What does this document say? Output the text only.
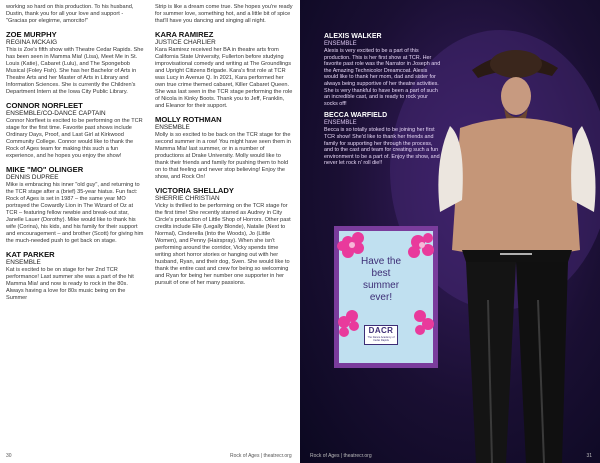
working so hard on this production. To his husband, Dustin, thank you for all your love and support - "Gracias por elegirme, amorcito!"

ZOE MURPHY
REGINA MCKAIG

This is Zoe's fifth show with Theatre Cedar Rapids. She has been seen in Mamma Mia! (Lisa), Meet Me in St. Louis (Katie), Cabaret (Lulu), and The Spongebob Musical (Foley Fish). She has her Bachelor of Arts in Theatre Arts and her Master of Arts in Library and Information Sciences. She is currently the Children's Department Intern at the Iowa City Public Library.

CONNOR NORFLEET
ENSEMBLE/CO-DANCE CAPTAIN

Connor Norfleet is excited to be performing on the TCR stage for the first time. Favorite past shows include Ordinary Days, Proof, and Last Girl at Kirkwood Community College. Connor would like to thank the Rock of Ages team for making this such a fun experience, and he hopes you enjoy the show!

MIKE "MO" OLINGER
DENNIS DUPREE

Mike is embracing his inner "old guy", and returning to the TCR stage after a (brief) 35-year hiatus. Fun fact: Rock of Ages is set in 1987 – the same year MO portrayed the Cowardly Lion in The Wizard of Oz at TCR – featuring fellow newbie and break-out star, Janelle Lauer (Dorothy). Mike would like to thank his wife (Corina), his kids, and his family for their support and encouragement – and brother (Scott) for giving him the much-needed push to get back on stage.

KAT PARKER
ENSEMBLE

Kat is excited to be on stage for her 2nd TCR performance! Last summer she was a part of the hit Mamma Mia! and now is ready to rock in the 80s. Always having a love for 80s music being on the Summer

Strip is like a dream come true. She hopes you're ready for summer love, something hot, and a little bit of spice that'll have you dancing and singing all night.

KARA RAMIREZ
JUSTICE CHARLIER

Kara Ramirez received her BA in theatre arts from California State University, Fullerton before studying improvisational comedy and writing at The Groundlings and Upright Citizens Brigade. Kara's first role at TCR was Lucy in Avenue Q. In 2021, Kara performed her own true crime themed cabaret, Killer Cabaret Queen. She was last seen in the TCR stage performing the role of Nicola in Kinky Boots. Thank you to Jeff, Franklin, and Eleanor for their support.

MOLLY ROTHMAN
ENSEMBLE

Molly is so excited to be back on the TCR stage for the second summer in a row! You might have seen them in Mamma Mia! last summer, or in a number of productions at Drake University. Molly would like to thank their friends and family for pushing them to hold on to that feeling and never stop believing! Enjoy the show, and Rock On!

VICTORIA SHELLADY
SHERRIE CHRISTIAN

Vicky is thrilled to be performing on the TCR stage for the first time! She recently starred as Audrey in City Circle's production of Little Shop of Horrors. Other past credits include Elle (Legally Blonde), Natalie (Next to Normal), Cinderella (Into the Woods), Jo (Little Women), and Penny (Hairspray). When she isn't performing around the corridor, Vicky spends time writing short horror stories or hanging out with her husband, Ryan, and their dog, Sven. She would like to thank the entire cast and crew for being so welcoming and Ryan for being her number one supporter in her pursuit of one of her many passions.

30	Rock of Ages | theatrecr.org
ALEXIS WALKER
ENSEMBLE

Alexis is very excited to be a part of this production. This is her first show at TCR. Her favorite past role was the Narrator in Joseph and the Amazing Technicolor Dreamcoat. Alexis would like to thank her mom, dad and sister for always being supportive of her theatre activities. She is very thankful to have been a part of such an incredible cast, and is ready to rock your socks off!

BECCA WARFIELD
ENSEMBLE

Becca is so totally stoked to be joining her first TCR show! She'd like to thank her friends and family for supporting her through the process, and to the cast and team for creating such a fun environment to be a part of. Enjoy the show, and never let rock n' roll die!!

Have the
best
summer
ever!
DACR
The Dance Academy of Cedar Rapids
Rock of Ages | theatrecr.org	31
